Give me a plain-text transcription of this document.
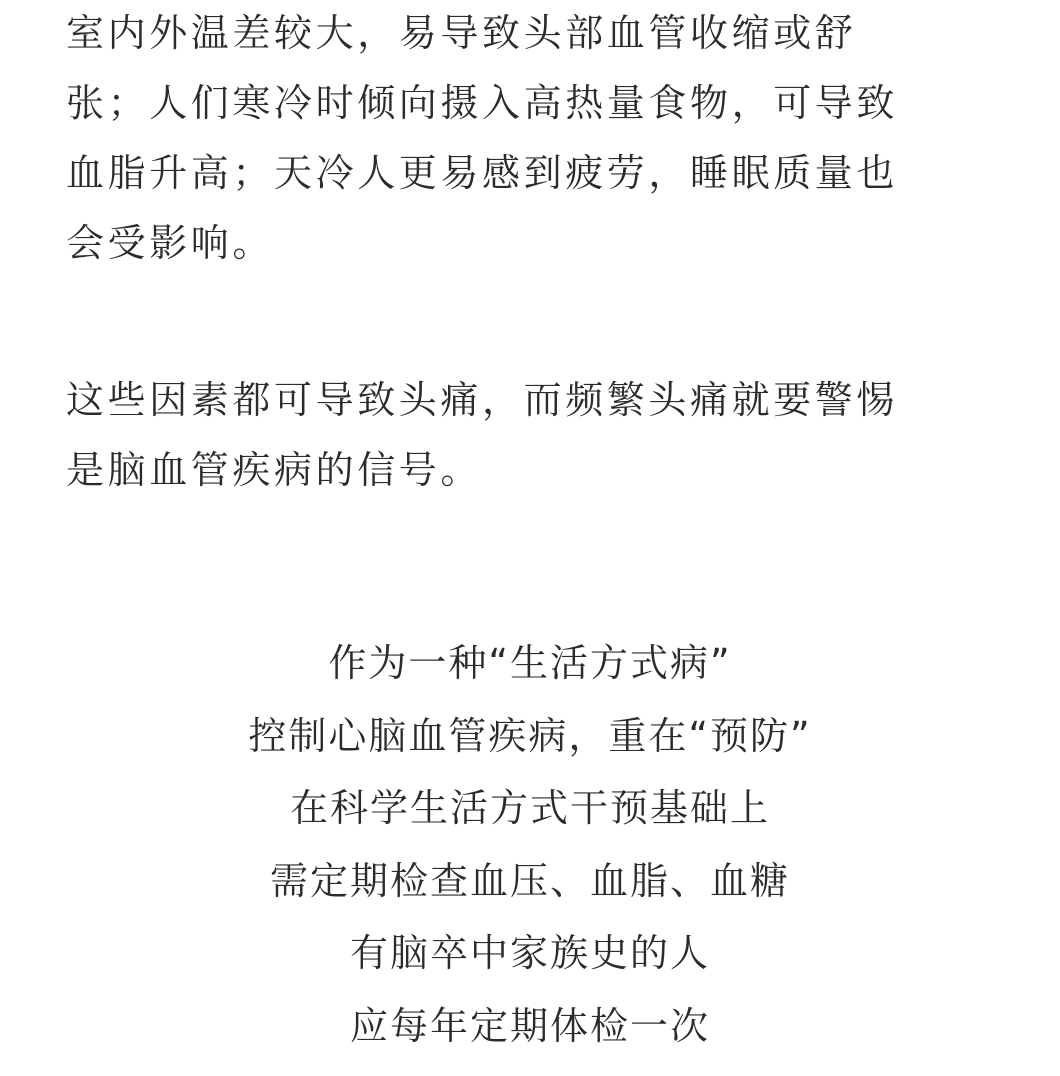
室内外温差较大，易导致头部血管收缩或舒
张；人们寒冷时倾向摄入高热量食物，可导致
血脂升高；天冷人更易感到疲劳，睡眠质量也
会受影响。

这些因素都可导致头痛，而频繁头痛就要警惕
是脑血管疾病的信号。

作为一种“生活方式病”
控制心脑血管疾病，重在“预防”
在科学生活方式干预基础上
需定期检查血压、血脂、血糖
有脑卒中家族史的人
应每年定期体检一次
